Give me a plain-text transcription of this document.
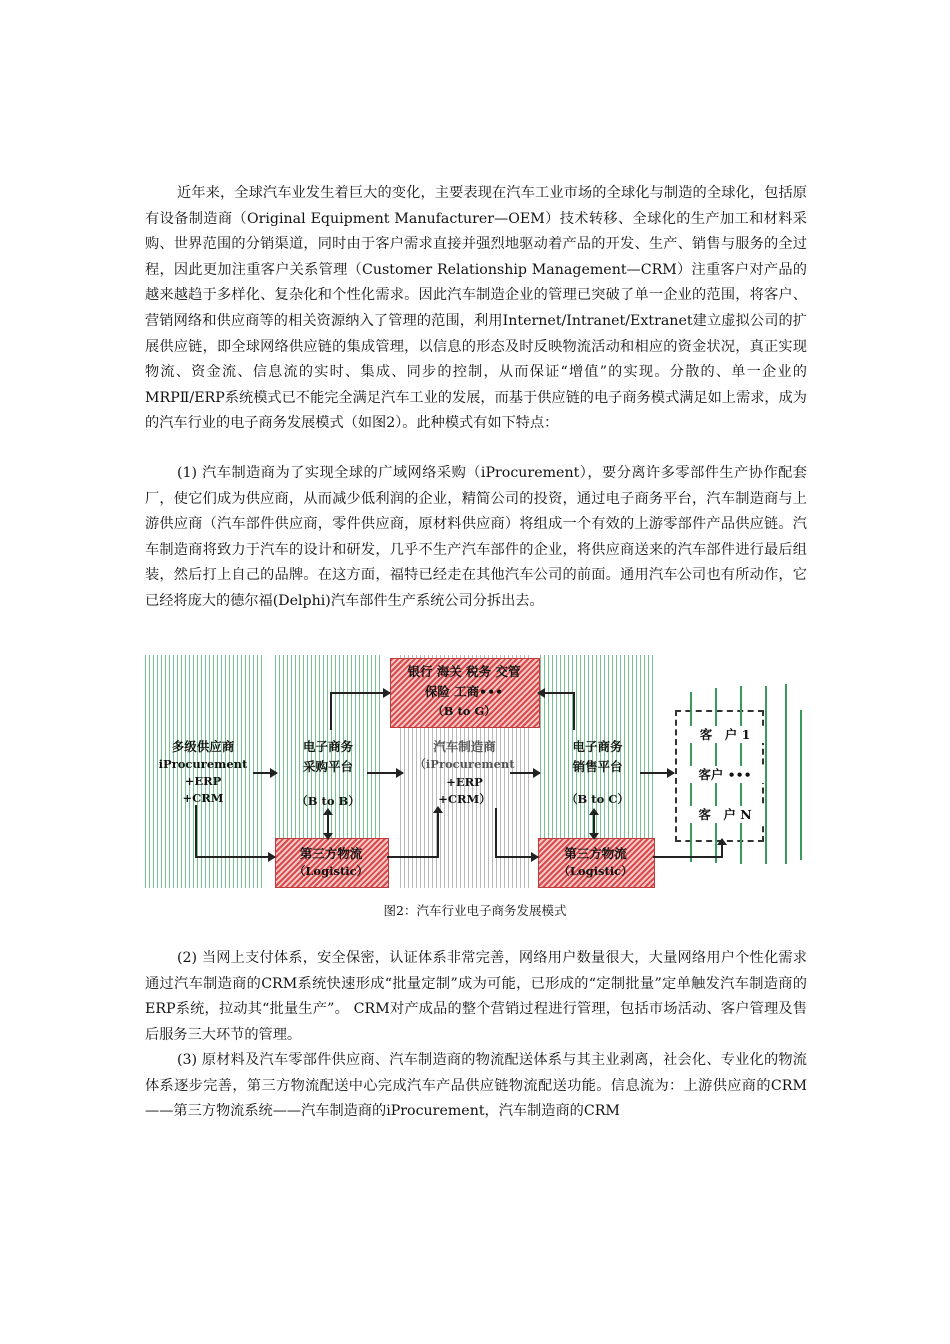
近年来，全球汽车业发生着巨大的变化，主要表现在汽车工业市场的全球化与制造的全球化，包括原有设备制造商（Original Equipment Manufacturer—OEM）技术转移、全球化的生产加工和材料采购、世界范围的分销渠道，同时由于客户需求直接并强烈地驱动着产品的开发、生产、销售与服务的全过程，因此更加注重客户关系管理（Customer Relationship Management—CRM）注重客户对产品的越来越趋于多样化、复杂化和个性化需求。因此汽车制造企业的管理已突破了单一企业的范围，将客户、营销网络和供应商等的相关资源纳入了管理的范围，利用Internet/Intranet/Extranet建立虚拟公司的扩展供应链，即全球网络供应链的集成管理，以信息的形态及时反映物流活动和相应的资金状况，真正实现物流、资金流、信息流的实时、集成、同步的控制，从而保证“增值”的实现。分散的、单一企业的MRPⅡ/ERP系统模式已不能完全满足汽车工业的发展，而基于供应链的电子商务模式满足如上需求，成为的汽车行业的电子商务发展模式（如图2）。此种模式有如下特点：

(1) 汽车制造商为了实现全球的广域网络采购（iProcurement），要分离许多零部件生产协作配套厂，使它们成为供应商，从而减少低利润的企业，精简公司的投资，通过电子商务平台，汽车制造商与上游供应商（汽车部件供应商，零件供应商，原材料供应商）将组成一个有效的上游零部件产品供应链。汽车制造商将致力于汽车的设计和研发，几乎不生产汽车部件的企业，将供应商送来的汽车部件进行最后组装，然后打上自己的品牌。在这方面，福特已经走在其他汽车公司的前面。通用汽车公司也有所动作，它已经将庞大的德尔福(Delphi)汽车部件生产系统公司分拆出去。

银行 海关 税务 交管
保险 工商•••
（B to G）
多级供应商
iProcurement
+ERP
+CRM
电子商务
采购平台
（B to B）
汽车制造商
（iProcurement
+ERP
+CRM）
电子商务
销售平台
（B to C）
客　户 1
客户 •••
客　户 N
第三方物流
（Logistic）
第三方物流
（Logistic）
图2：汽车行业电子商务发展模式

(2) 当网上支付体系，安全保密，认证体系非常完善，网络用户数量很大，大量网络用户个性化需求通过汽车制造商的CRM系统快速形成“批量定制”成为可能，已形成的“定制批量”定单触发汽车制造商的ERP系统，拉动其“批量生产”。 CRM对产成品的整个营销过程进行管理，包括市场活动、客户管理及售后服务三大环节的管理。

(3) 原材料及汽车零部件供应商、汽车制造商的物流配送体系与其主业剥离，社会化、专业化的物流体系逐步完善，第三方物流配送中心完成汽车产品供应链物流配送功能。信息流为：上游供应商的CRM——第三方物流系统——汽车制造商的iProcurement，汽车制造商的CRM
